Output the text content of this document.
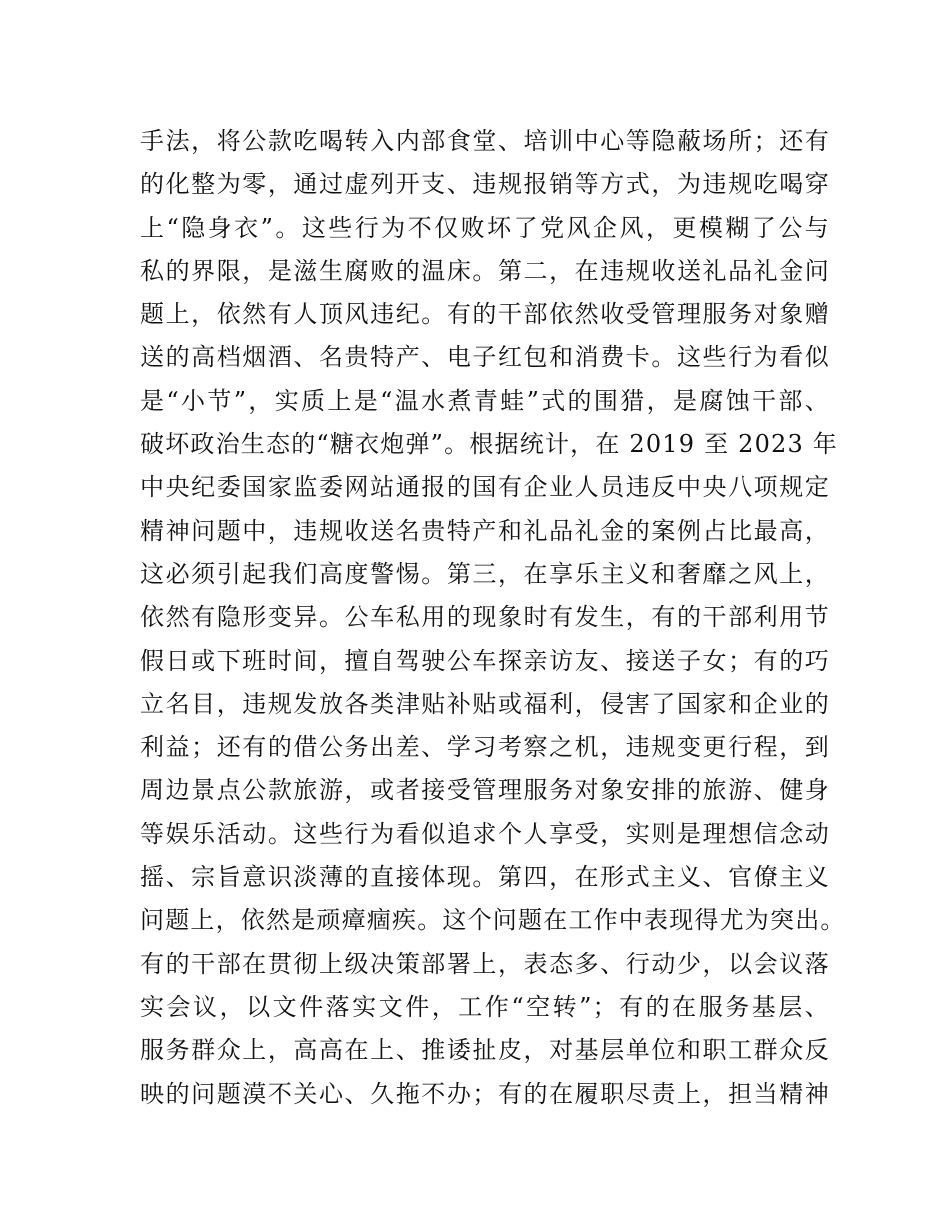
手法，将公款吃喝转入内部食堂、培训中心等隐蔽场所；还有
的化整为零，通过虚列开支、违规报销等方式，为违规吃喝穿
上“隐身衣”。这些行为不仅败坏了党风企风，更模糊了公与
私的界限，是滋生腐败的温床。第二，在违规收送礼品礼金问
题上，依然有人顶风违纪。有的干部依然收受管理服务对象赠
送的高档烟酒、名贵特产、电子红包和消费卡。这些行为看似
是“小节”，实质上是“温水煮青蛙”式的围猎，是腐蚀干部、
破坏政治生态的“糖衣炮弹”。根据统计，在 2019 至 2023 年
中央纪委国家监委网站通报的国有企业人员违反中央八项规定
精神问题中，违规收送名贵特产和礼品礼金的案例占比最高，
这必须引起我们高度警惕。第三，在享乐主义和奢靡之风上，
依然有隐形变异。公车私用的现象时有发生，有的干部利用节
假日或下班时间，擅自驾驶公车探亲访友、接送子女；有的巧
立名目，违规发放各类津贴补贴或福利，侵害了国家和企业的
利益；还有的借公务出差、学习考察之机，违规变更行程，到
周边景点公款旅游，或者接受管理服务对象安排的旅游、健身
等娱乐活动。这些行为看似追求个人享受，实则是理想信念动
摇、宗旨意识淡薄的直接体现。第四，在形式主义、官僚主义
问题上，依然是顽瘴痼疾。这个问题在工作中表现得尤为突出。
有的干部在贯彻上级决策部署上，表态多、行动少，以会议落
实会议，以文件落实文件，工作“空转”；有的在服务基层、
服务群众上，高高在上、推诿扯皮，对基层单位和职工群众反
映的问题漠不关心、久拖不办；有的在履职尽责上，担当精神
